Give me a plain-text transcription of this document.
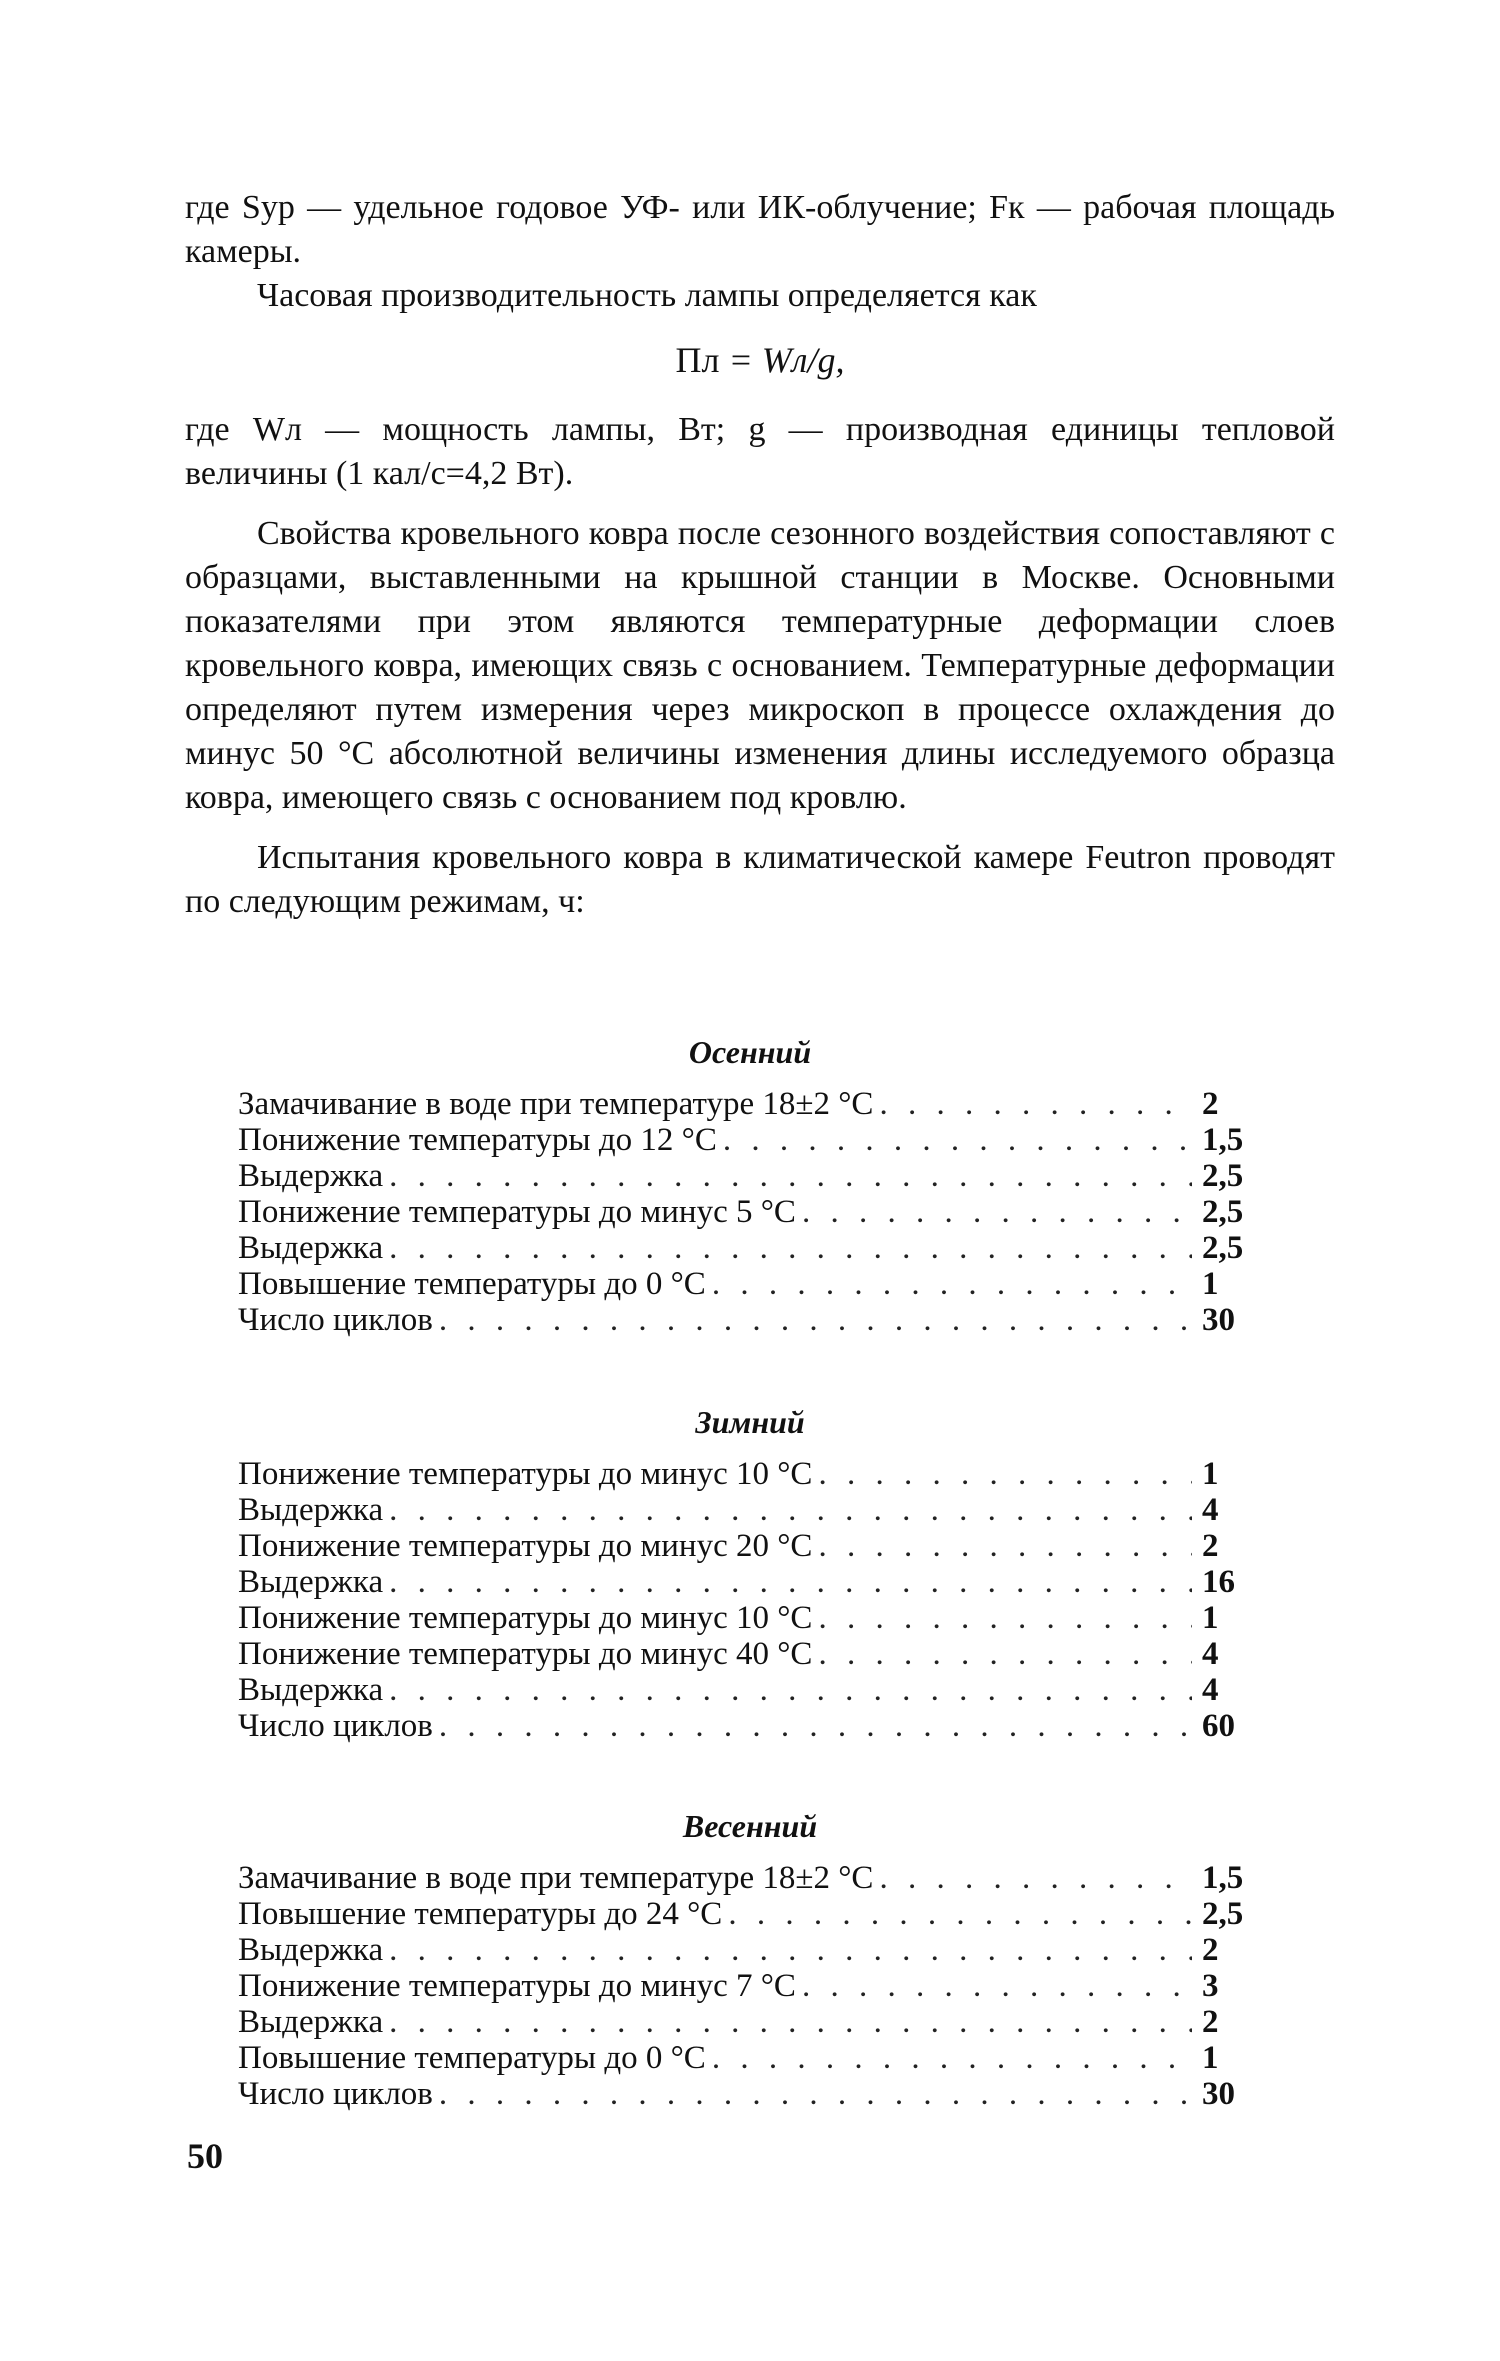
где Sур — удельное годовое УФ- или ИК-облучение; Fк — рабочая площадь камеры.

Часовая производительность лампы определяется как

Пл = Wл/g,

где Wл — мощность лампы, Вт; g — производная единицы тепловой величины (1 кал/с=4,2 Вт).

Свойства кровельного ковра после сезонного воздействия сопоставляют с образцами, выставленными на крышной станции в Москве. Основными показателями при этом являются температурные деформации слоев кровельного ковра, имеющих связь с основанием. Температурные деформации определяют путем измерения через микроскоп в процессе охлаждения до минус 50 °С абсолютной величины изменения длины исследуемого образца ковра, имеющего связь с основанием под кровлю.

Испытания кровельного ковра в климатической камере Feutron проводят по следующим режимам, ч:

Осенний
Замачивание в воде при температуре 18±2 °С . . .	2
Понижение температуры до 12 °С . . .	1,5
Выдержка . . .	2,5
Понижение температуры до минус 5 °С . . .	2,5
Выдержка . . .	2,5
Повышение температуры до 0 °С . . .	1
Число циклов . . .	30
Зимний
Понижение температуры до минус 10 °С . . .	1
Выдержка . . .	4
Понижение температуры до минус 20 °С . . .	2
Выдержка . . .	16
Понижение температуры до минус 10 °С . . .	1
Понижение температуры до минус 40 °С . . .	4
Выдержка . . .	4
Число циклов . . .	60
Весенний
Замачивание в воде при температуре 18±2 °С . . .	1,5
Повышение температуры до 24 °С . . .	2,5
Выдержка . . .	2
Понижение температуры до минус 7 °С . . .	3
Выдержка . . .	2
Повышение температуры до 0 °С . . .	1
Число циклов . . .	30
50
